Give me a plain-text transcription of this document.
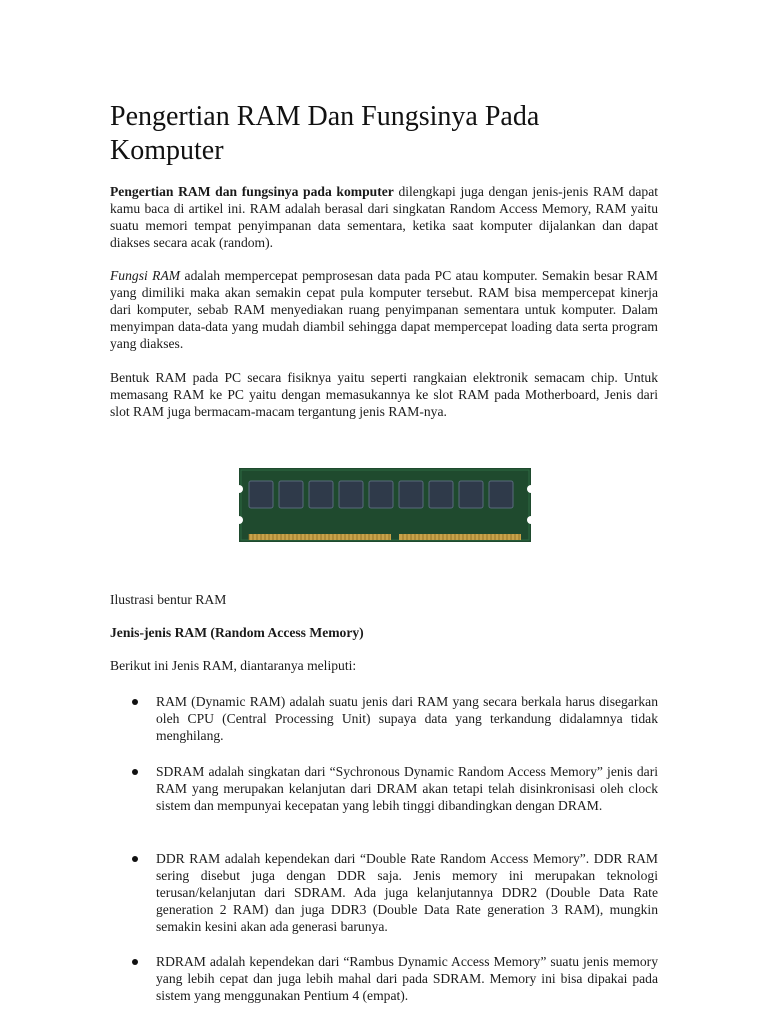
Pengertian RAM Dan Fungsinya Pada Komputer

Pengertian RAM dan fungsinya pada komputer dilengkapi juga dengan jenis-jenis RAM dapat kamu baca di artikel ini. RAM adalah berasal dari singkatan Random Access Memory, RAM yaitu suatu memori tempat penyimpanan data sementara, ketika saat komputer dijalankan dan dapat diakses secara acak (random).

Fungsi RAM adalah mempercepat pemprosesan data pada PC atau komputer. Semakin besar RAM yang dimiliki maka akan semakin cepat pula komputer tersebut. RAM bisa mempercepat kinerja dari komputer, sebab RAM menyediakan ruang penyimpanan sementara untuk komputer. Dalam menyimpan data-data yang mudah diambil sehingga dapat mempercepat loading data serta program yang diakses.

Bentuk RAM pada PC secara fisiknya yaitu seperti rangkaian elektronik semacam chip. Untuk memasang RAM ke PC yaitu dengan memasukannya ke slot RAM pada Motherboard, Jenis dari slot RAM juga bermacam-macam tergantung jenis RAM-nya.

Ilustrasi bentur RAM

Jenis-jenis RAM (Random Access Memory)

Berikut ini Jenis RAM, diantaranya meliputi:

RAM (Dynamic RAM) adalah suatu jenis dari RAM yang secara berkala harus disegarkan oleh CPU (Central Processing Unit) supaya data yang terkandung didalamnya tidak menghilang.
SDRAM adalah singkatan dari “Sychronous Dynamic Random Access Memory” jenis dari RAM yang merupakan kelanjutan dari DRAM akan tetapi telah disinkronisasi oleh clock sistem dan mempunyai kecepatan yang lebih tinggi dibandingkan dengan DRAM.
DDR RAM adalah kependekan dari “Double Rate Random Access Memory”. DDR RAM sering disebut juga dengan DDR saja. Jenis memory ini merupakan teknologi terusan/kelanjutan dari SDRAM. Ada juga kelanjutannya DDR2 (Double Data Rate generation 2 RAM) dan juga DDR3 (Double Data Rate generation 3 RAM), mungkin semakin kesini akan ada generasi barunya.
RDRAM adalah kependekan dari “Rambus Dynamic Access Memory” suatu jenis memory yang lebih cepat dan juga lebih mahal dari pada SDRAM. Memory ini bisa dipakai pada sistem yang menggunakan Pentium 4 (empat).
